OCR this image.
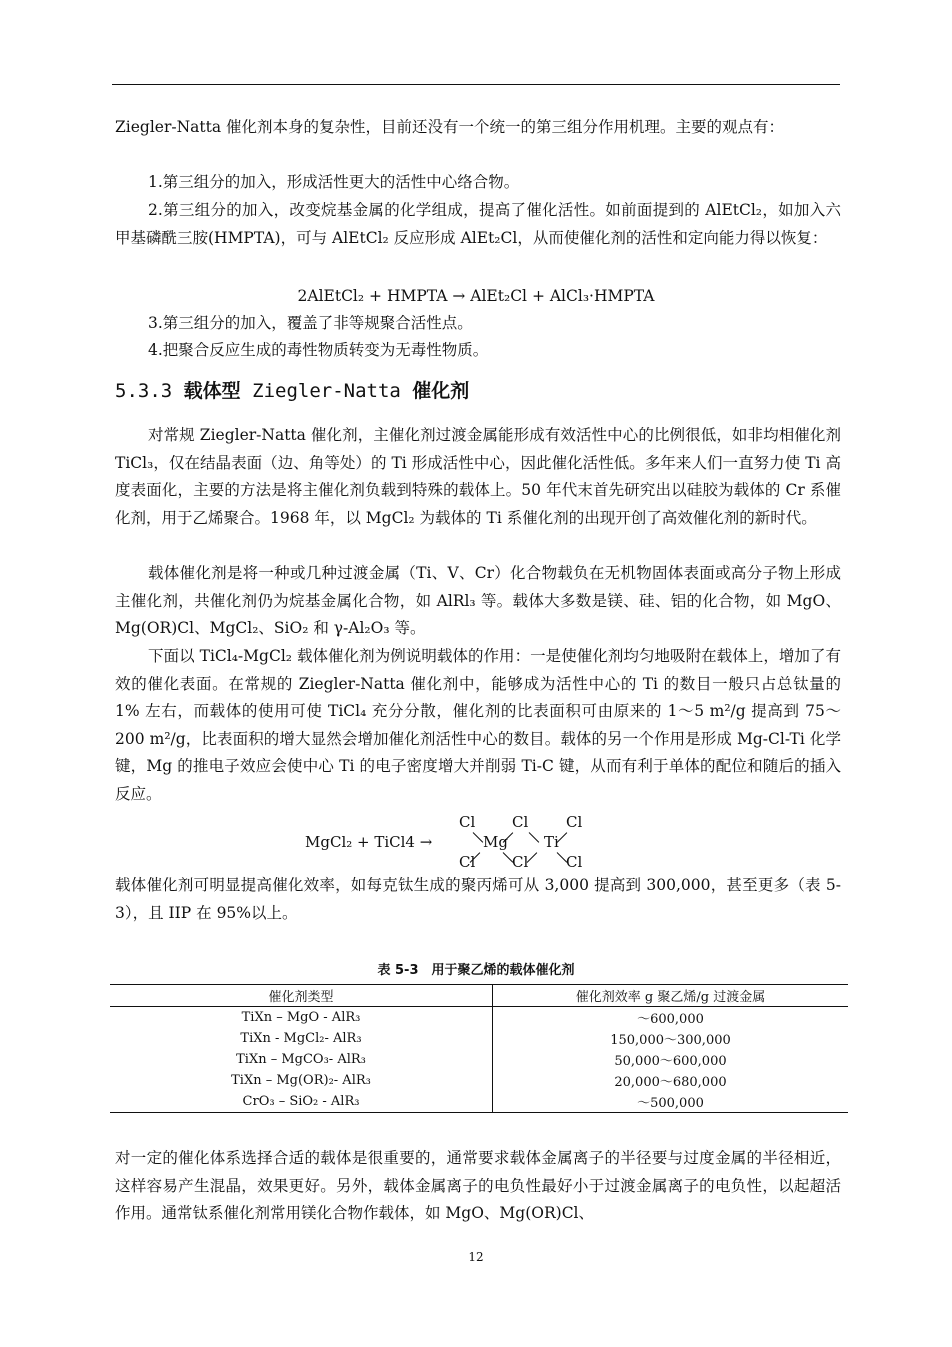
Ziegler-Natta 催化剂本身的复杂性，目前还没有一个统一的第三组分作用机理。主要的观点有：
1.第三组分的加入，形成活性更大的活性中心络合物。
2.第三组分的加入，改变烷基金属的化学组成，提高了催化活性。如前面提到的 AlEtCl₂，如加入六甲基磷酰三胺(HMPTA)，可与 AlEtCl₂ 反应形成 AlEt₂Cl，从而使催化剂的活性和定向能力得以恢复：
2AlEtCl₂ + HMPTA → AlEt₂Cl + AlCl₃·HMPTA
3.第三组分的加入，覆盖了非等规聚合活性点。
4.把聚合反应生成的毒性物质转变为无毒性物质。
5.3.3 载体型 Ziegler-Natta 催化剂
对常规 Ziegler-Natta 催化剂，主催化剂过渡金属能形成有效活性中心的比例很低，如非均相催化剂 TiCl₃，仅在结晶表面（边、角等处）的 Ti 形成活性中心，因此催化活性低。多年来人们一直努力使 Ti 高度表面化，主要的方法是将主催化剂负载到特殊的载体上。50 年代末首先研究出以硅胶为载体的 Cr 系催化剂，用于乙烯聚合。1968 年，以 MgCl₂ 为载体的 Ti 系催化剂的出现开创了高效催化剂的新时代。
载体催化剂是将一种或几种过渡金属（Ti、V、Cr）化合物载负在无机物固体表面或高分子物上形成主催化剂，共催化剂仍为烷基金属化合物，如 AlRl₃ 等。载体大多数是镁、硅、铝的化合物，如 MgO、Mg(OR)Cl、MgCl₂、SiO₂ 和 γ-Al₂O₃ 等。
下面以 TiCl₄-MgCl₂ 载体催化剂为例说明载体的作用：一是使催化剂均匀地吸附在载体上，增加了有效的催化表面。在常规的 Ziegler-Natta 催化剂中，能够成为活性中心的 Ti 的数目一般只占总钛量的 1% 左右，而载体的使用可使 TiCl₄ 充分分散，催化剂的比表面积可由原来的 1～5 m²/g 提高到 75～200 m²/g，比表面积的增大显然会增加催化剂活性中心的数目。载体的另一个作用是形成 Mg-Cl-Ti 化学键，Mg 的推电子效应会使中心 Ti 的电子密度增大并削弱 Ti-C 键，从而有利于单体的配位和随后的插入反应。
MgCl₂ + TiCl4 →
Cl Cl	Cl
Mg Ti
Cl Cl	Cl
载体催化剂可明显提高催化效率，如每克钛生成的聚丙烯可从 3,000 提高到 300,000，甚至更多（表 5-3），且 IIP 在 95%以上。
表 5-3　用于聚乙烯的载体催化剂
催化剂类型	催化剂效率 g 聚乙烯/g 过渡金属
TiXn – MgO - AlR₃	～600,000
TiXn - MgCl₂- AlR₃	150,000～300,000
TiXn – MgCO₃- AlR₃	50,000～600,000
TiXn – Mg(OR)₂- AlR₃	20,000～680,000
CrO₃ – SiO₂ - AlR₃	～500,000
对一定的催化体系选择合适的载体是很重要的，通常要求载体金属离子的半径要与过度金属的半径相近，这样容易产生混晶，效果更好。另外，载体金属离子的电负性最好小于过渡金属离子的电负性，以起超活作用。通常钛系催化剂常用镁化合物作载体，如 MgO、Mg(OR)Cl、
12
